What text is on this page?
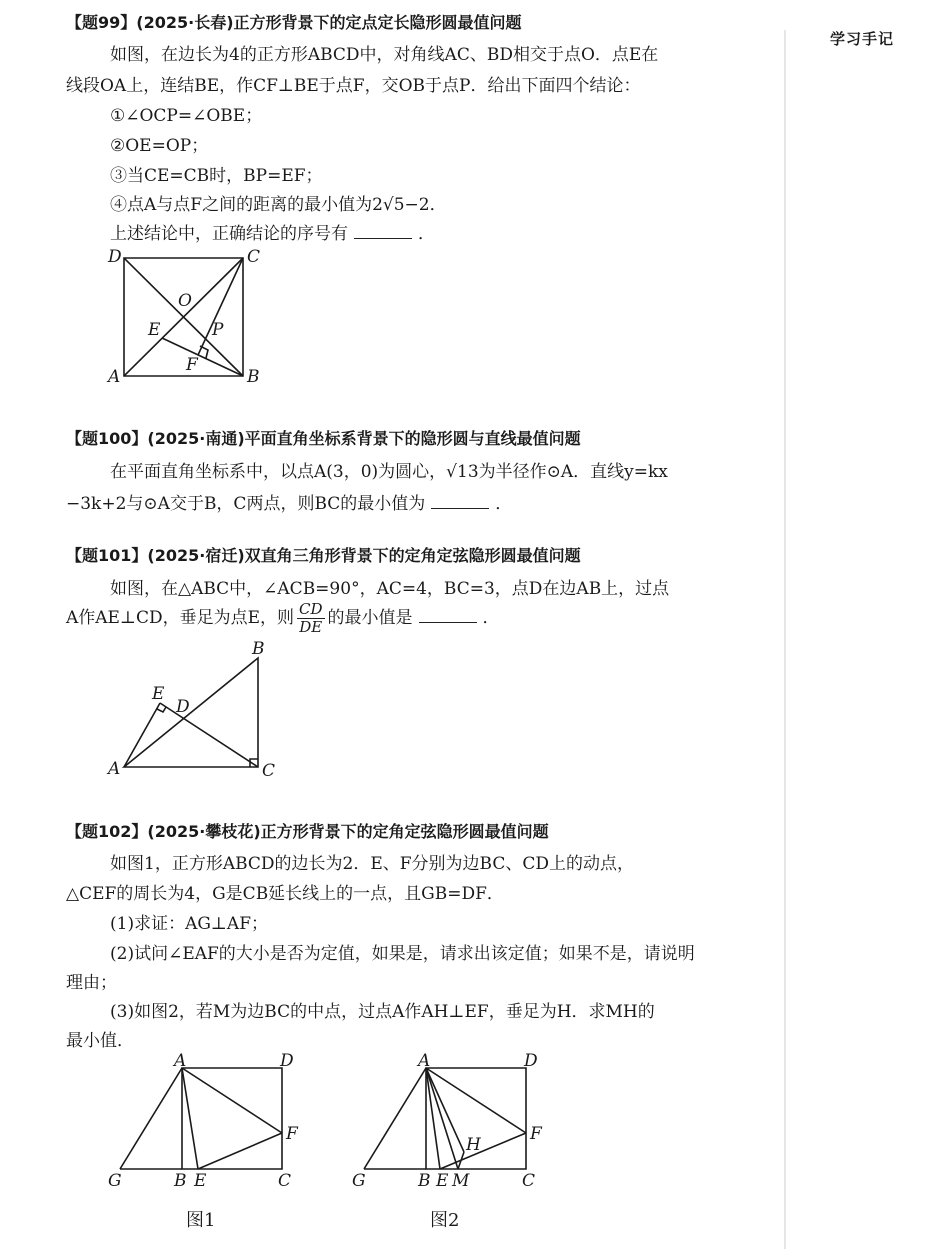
学习手记
【题99】(2025·长春)正方形背景下的定点定长隐形圆最值问题
如图，在边长为4的正方形ABCD中，对角线AC、BD相交于点O．点E在
线段OA上，连结BE，作CF⊥BE于点F，交OB于点P．给出下面四个结论：
①∠OCP=∠OBE；
②OE=OP；
③当CE=CB时，BP=EF；
④点A与点F之间的距离的最小值为2√5−2．
上述结论中，正确结论的序号有	．
D	C
O
E	P
F
A	B
【题100】(2025·南通)平面直角坐标系背景下的隐形圆与直线最值问题
在平面直角坐标系中，以点A(3，0)为圆心，√13为半径作⊙A．直线y=kx
−3k+2与⊙A交于B，C两点，则BC的最小值为	．
【题101】(2025·宿迁)双直角三角形背景下的定角定弦隐形圆最值问题
如图，在△ABC中，∠ACB=90°，AC=4，BC=3，点D在边AB上，过点
A作AE⊥CD，垂足为点E，则 $\frac{CD}{DE}$ 的最小值是	．
B
E
D
A	C
【题102】(2025·攀枝花)正方形背景下的定角定弦隐形圆最值问题
如图1，正方形ABCD的边长为2．E、F分别为边BC、CD上的动点，
△CEF的周长为4，G是CB延长线上的一点，且GB=DF．
(1)求证：AG⊥AF；
(2)试问∠EAF的大小是否为定值，如果是，请求出该定值；如果不是，请说明
理由；
(3)如图2，若M为边BC的中点，过点A作AH⊥EF，垂足为H．求MH的
最小值．
A	D
F
G	B E	C
图1
A	D
F
H
G	B E M	C
图2
